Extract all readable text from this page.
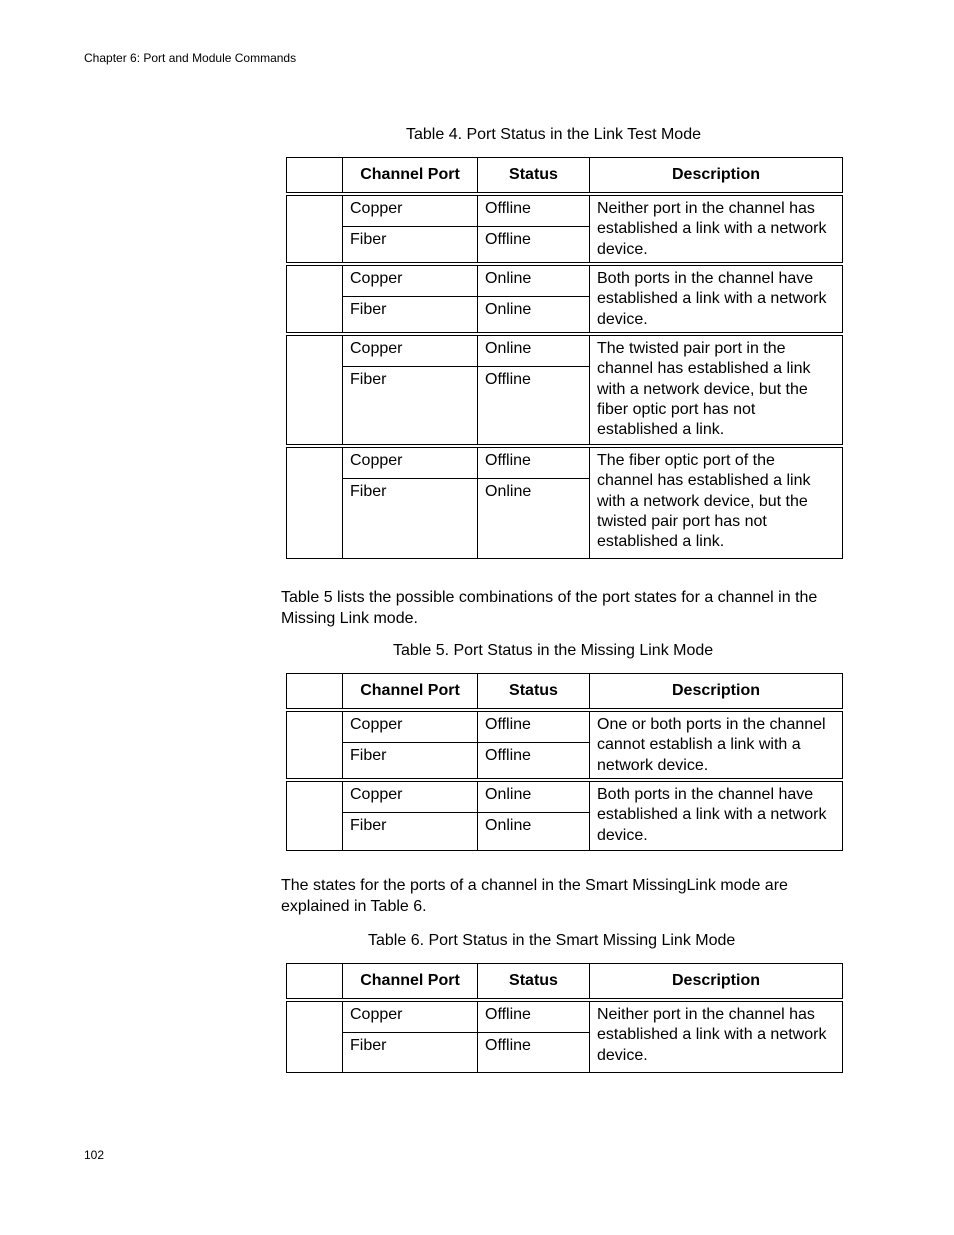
Chapter 6: Port and Module Commands
Table 4. Port Status in the Link Test Mode
	Channel Port	Status	Description
	Copper	Offline	Neither port in the channel has established a link with a network device.
	Fiber	Offline	
	Copper	Online	Both ports in the channel have established a link with a network device.
	Fiber	Online	
	Copper	Online	The twisted pair port in the channel has established a link with a network device, but the fiber optic port has not established a link.
	Fiber	Offline	
	Copper	Offline	The fiber optic port of the channel has established a link with a network device, but the twisted pair port has not established a link.
	Fiber	Online	
Table 5 lists the possible combinations of the port states for a channel in the Missing Link mode.
Table 5. Port Status in the Missing Link Mode
	Channel Port	Status	Description
	Copper	Offline	One or both ports in the channel cannot establish a link with a network device.
	Fiber	Offline	
	Copper	Online	Both ports in the channel have established a link with a network device.
	Fiber	Online	
The states for the ports of a channel in the Smart MissingLink mode are explained in Table 6.
Table 6. Port Status in the Smart Missing Link Mode
	Channel Port	Status	Description
	Copper	Offline	Neither port in the channel has established a link with a network device.
	Fiber	Offline	
102
